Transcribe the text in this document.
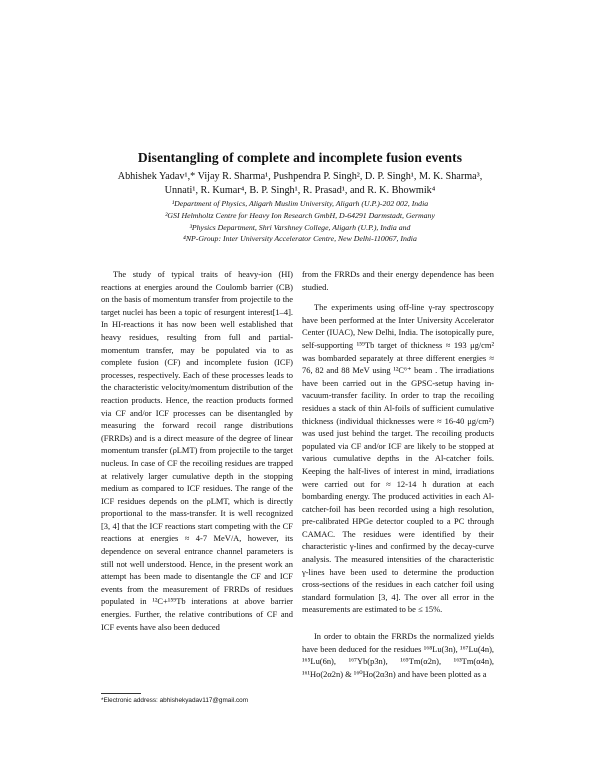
Disentangling of complete and incomplete fusion events
Abhishek Yadav¹,* Vijay R. Sharma¹, Pushpendra P. Singh², D. P. Singh¹, M. K. Sharma³, Unnati¹, R. Kumar⁴, B. P. Singh¹, R. Prasad¹, and R. K. Bhowmik⁴
¹Department of Physics, Aligarh Muslim University, Aligarh (U.P.)-202 002, India
²GSI Helmholtz Centre for Heavy Ion Research GmbH, D-64291 Darmstadt, Germany
³Physics Department, Shri Varshney College, Aligarh (U.P.), India and
⁴NP-Group: Inter University Accelerator Centre, New Delhi-110067, India

The study of typical traits of heavy-ion (HI) reactions at energies around the Coulomb barrier (CB) on the basis of momentum transfer from projectile to the target nuclei has been a topic of resurgent interest[1–4]. In HI-reactions it has now been well established that heavy residues, resulting from full and partial-momentum transfer, may be populated via to as complete fusion (CF) and incomplete fusion (ICF) processes, respectively. Each of these processes leads to the characteristic velocity/momentum distribution of the reaction products. Hence, the reaction products formed via CF and/or ICF processes can be disentangled by measuring the forward recoil range distributions (FRRDs) and is a direct measure of the degree of linear momentum transfer (ρLMT) from projectile to the target nucleus. In case of CF the recoiling residues are trapped at relatively larger cumulative depth in the stopping medium as compared to ICF residues. The range of the ICF residues depends on the ρLMT, which is directly proportional to the mass-transfer. It is well recognized [3, 4] that the ICF reactions start competing with the CF reactions at energies ≈ 4-7 MeV/A, however, its dependence on several entrance channel parameters is still not well understood. Hence, in the present work an attempt has been made to disentangle the CF and ICF events from the measurement of FRRDs of residues populated in ¹²C+¹⁵⁹Tb interations at above barrier energies. Further, the relative contributions of CF and ICF events have also been deduced

from the FRRDs and their energy dependence has been studied.

The experiments using off-line γ-ray spectroscopy have been performed at the Inter University Accelerator Center (IUAC), New Delhi, India. The isotopically pure, self-supporting ¹⁵⁹Tb target of thickness ≈ 193 μg/cm² was bombarded separately at three different energies ≈ 76, 82 and 88 MeV using ¹²C⁶⁺ beam . The irradiations have been carried out in the GPSC-setup having in-vacuum-transfer facility. In order to trap the recoiling residues a stack of thin Al-foils of sufficient cumulative thickness (individual thicknesses were ≈ 16-40 μg/cm²) was used just behind the target. The recoiling products populated via CF and/or ICF are likely to be stopped at various cumulative depths in the Al-catcher foils. Keeping the half-lives of interest in mind, irradiations were carried out for ≈ 12-14 h duration at each bombarding energy. The produced activities in each Al-catcher-foil has been recorded using a high resolution, pre-calibrated HPGe detector coupled to a PC through CAMAC. The residues were identified by their characteristic γ-lines and confirmed by the decay-curve analysis. The measured intensities of the characteristic γ-lines have been used to determine the production cross-sections of the residues in each catcher foil using standard formulation [3, 4]. The over all error in the measurements are estimated to be ≤ 15%.

In order to obtain the FRRDs the normalized yields have been deduced for the residues ¹⁶⁸Lu(3n), ¹⁶⁷Lu(4n), ¹⁶⁵Lu(6n), ¹⁶⁷Yb(p3n), ¹⁶⁵Tm(α2n), ¹⁶³Tm(α4n), ¹⁶¹Ho(2α2n) & ¹⁶⁰Ho(2α3n) and have been plotted as a

*Electronic address: abhishekyadav117@gmail.com
